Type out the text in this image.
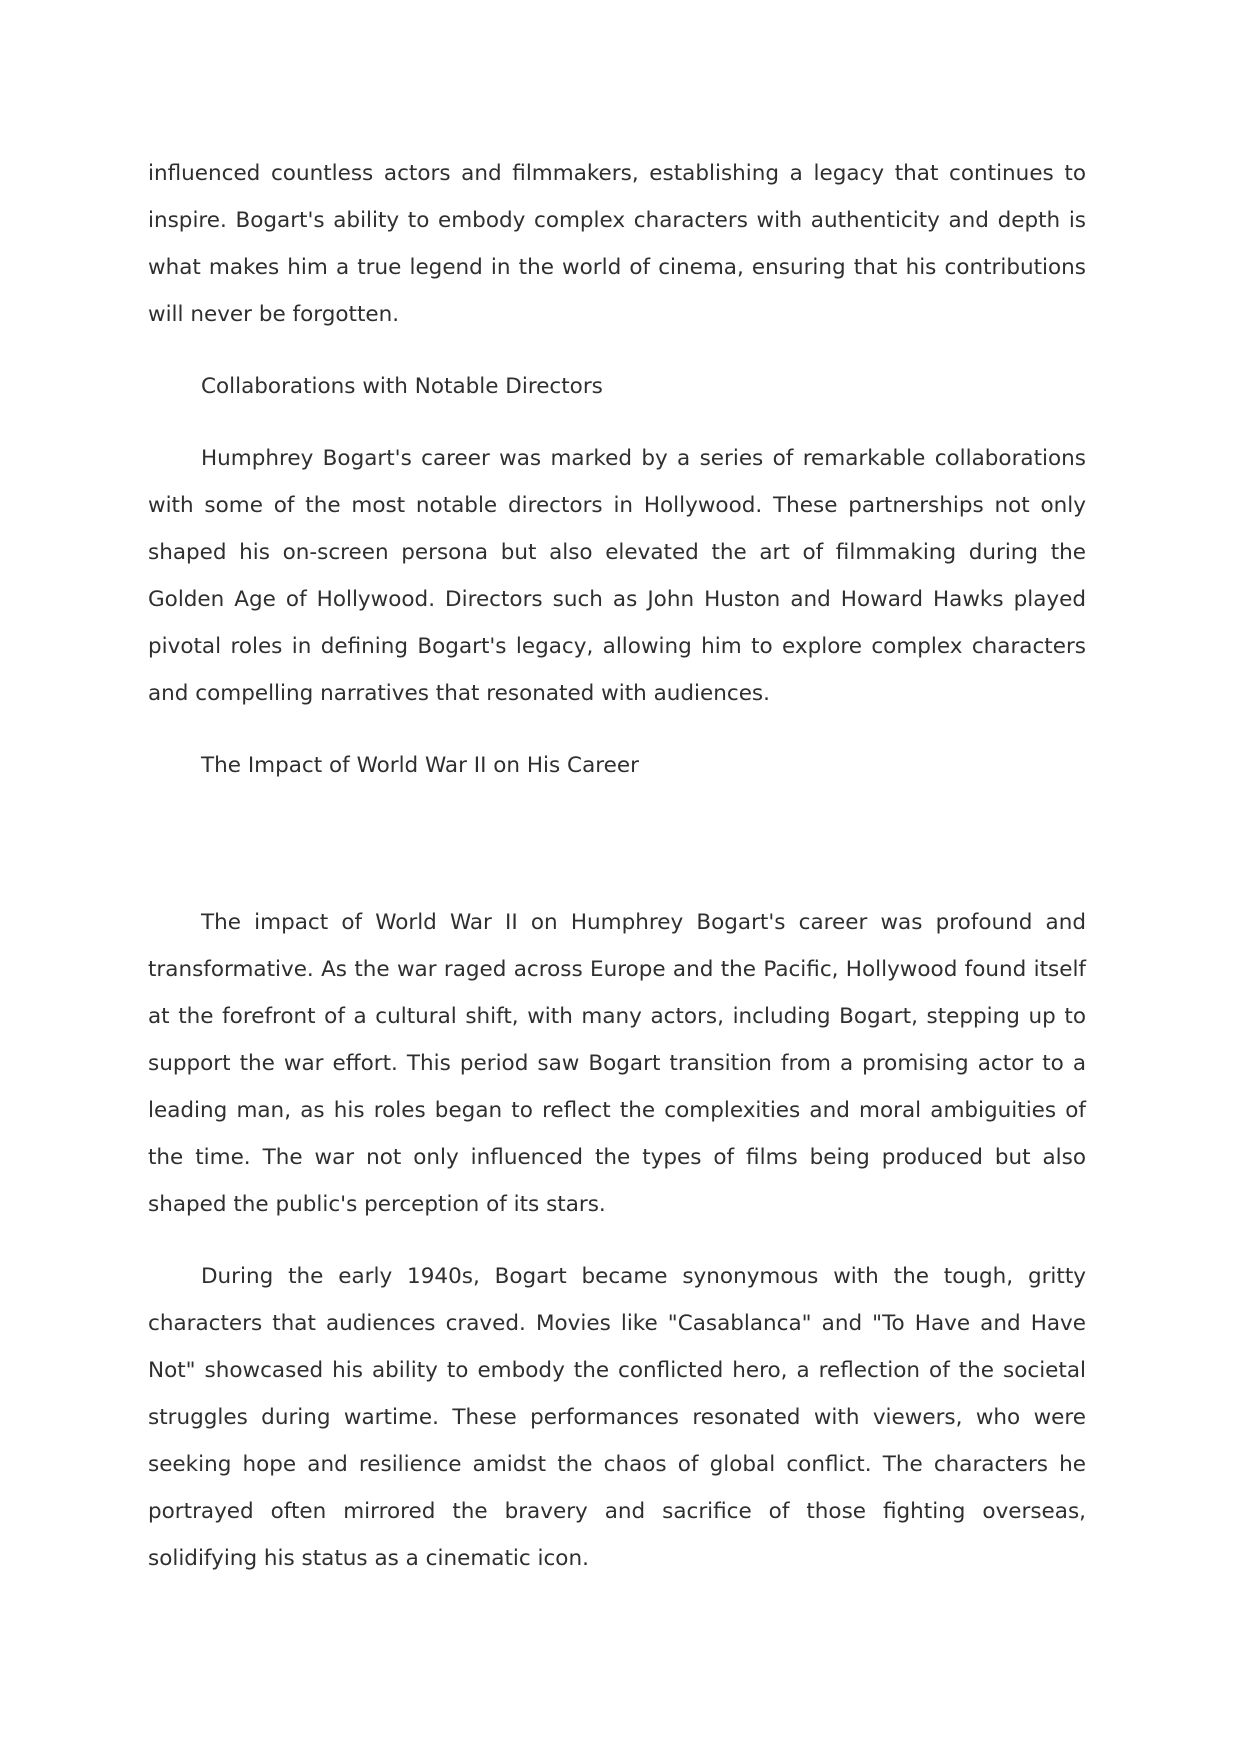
influenced countless actors and filmmakers, establishing a legacy that continues to inspire. Bogart's ability to embody complex characters with authenticity and depth is what makes him a true legend in the world of cinema, ensuring that his contributions will never be forgotten.

Collaborations with Notable Directors

Humphrey Bogart's career was marked by a series of remarkable collaborations with some of the most notable directors in Hollywood. These partnerships not only shaped his on-screen persona but also elevated the art of filmmaking during the Golden Age of Hollywood. Directors such as John Huston and Howard Hawks played pivotal roles in defining Bogart's legacy, allowing him to explore complex characters and compelling narratives that resonated with audiences.

The Impact of World War II on His Career

The impact of World War II on Humphrey Bogart's career was profound and transformative. As the war raged across Europe and the Pacific, Hollywood found itself at the forefront of a cultural shift, with many actors, including Bogart, stepping up to support the war effort. This period saw Bogart transition from a promising actor to a leading man, as his roles began to reflect the complexities and moral ambiguities of the time. The war not only influenced the types of films being produced but also shaped the public's perception of its stars.

During the early 1940s, Bogart became synonymous with the tough, gritty characters that audiences craved. Movies like "Casablanca" and "To Have and Have Not" showcased his ability to embody the conflicted hero, a reflection of the societal struggles during wartime. These performances resonated with viewers, who were seeking hope and resilience amidst the chaos of global conflict. The characters he portrayed often mirrored the bravery and sacrifice of those fighting overseas, solidifying his status as a cinematic icon.
